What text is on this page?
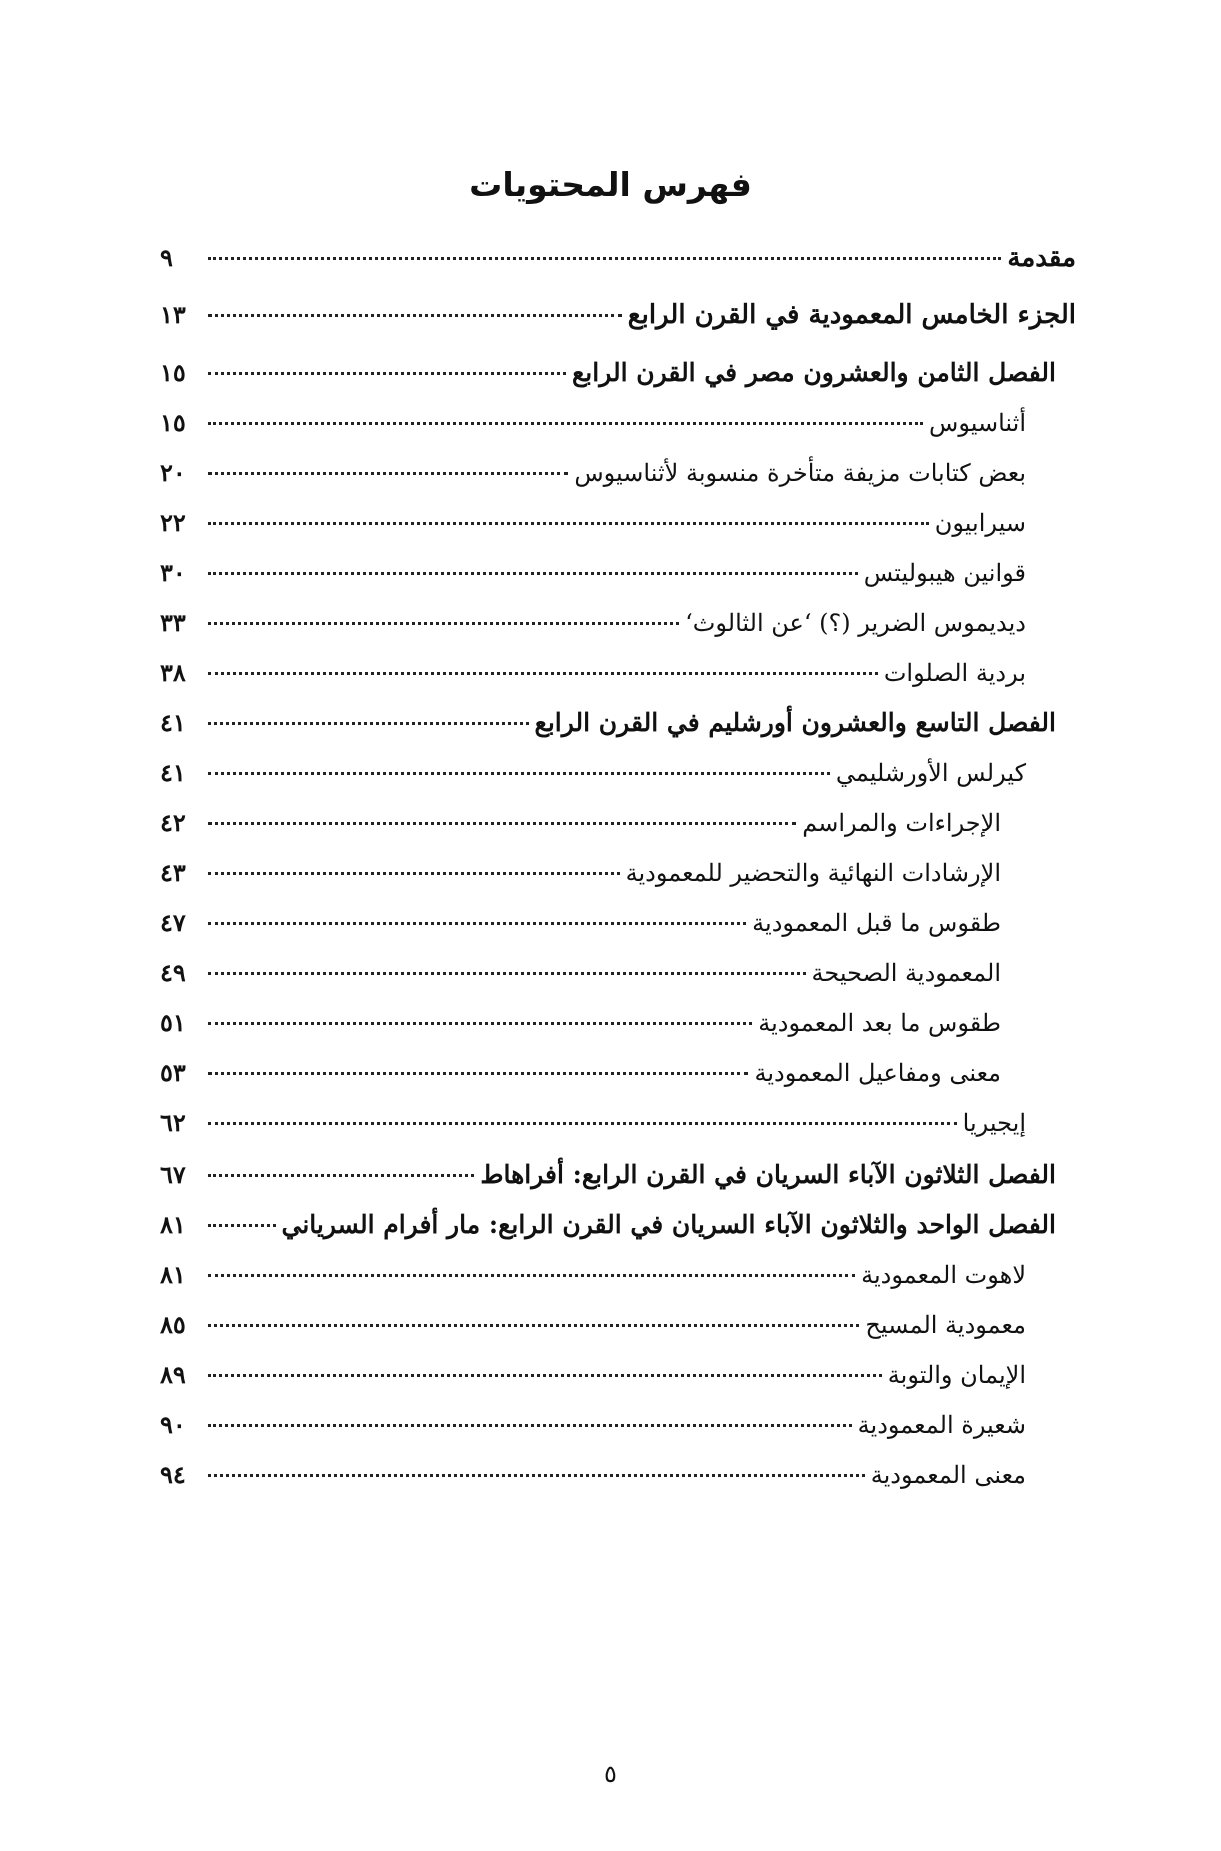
فهرس المحتويات
مقدمة
٩
الجزء الخامس المعمودية في القرن الرابع
١٣
الفصل الثامن والعشرون مصر في القرن الرابع
١٥
أثناسيوس
١٥
بعض كتابات مزيفة متأخرة منسوبة لأثناسيوس
٢٠
سيرابيون
٢٢
قوانين هيبوليتس
٣٠
ديديموس الضرير (؟) ‘عن الثالوث‘
٣٣
بردية الصلوات
٣٨
الفصل التاسع والعشرون أورشليم في القرن الرابع
٤١
كيرلس الأورشليمي
٤١
الإجراءات والمراسم
٤٢
الإرشادات النهائية والتحضير للمعمودية
٤٣
طقوس ما قبل المعمودية
٤٧
المعمودية الصحيحة
٤٩
طقوس ما بعد المعمودية
٥١
معنى ومفاعيل المعمودية
٥٣
إيجيريا
٦٢
الفصل الثلاثون الآباء السريان في القرن الرابع: أفراهاط
٦٧
الفصل الواحد والثلاثون الآباء السريان في القرن الرابع: مار أفرام السرياني
٨١
لاهوت المعمودية
٨١
معمودية المسيح
٨٥
الإيمان والتوبة
٨٩
شعيرة المعمودية
٩٠
معنى المعمودية
٩٤
٥
